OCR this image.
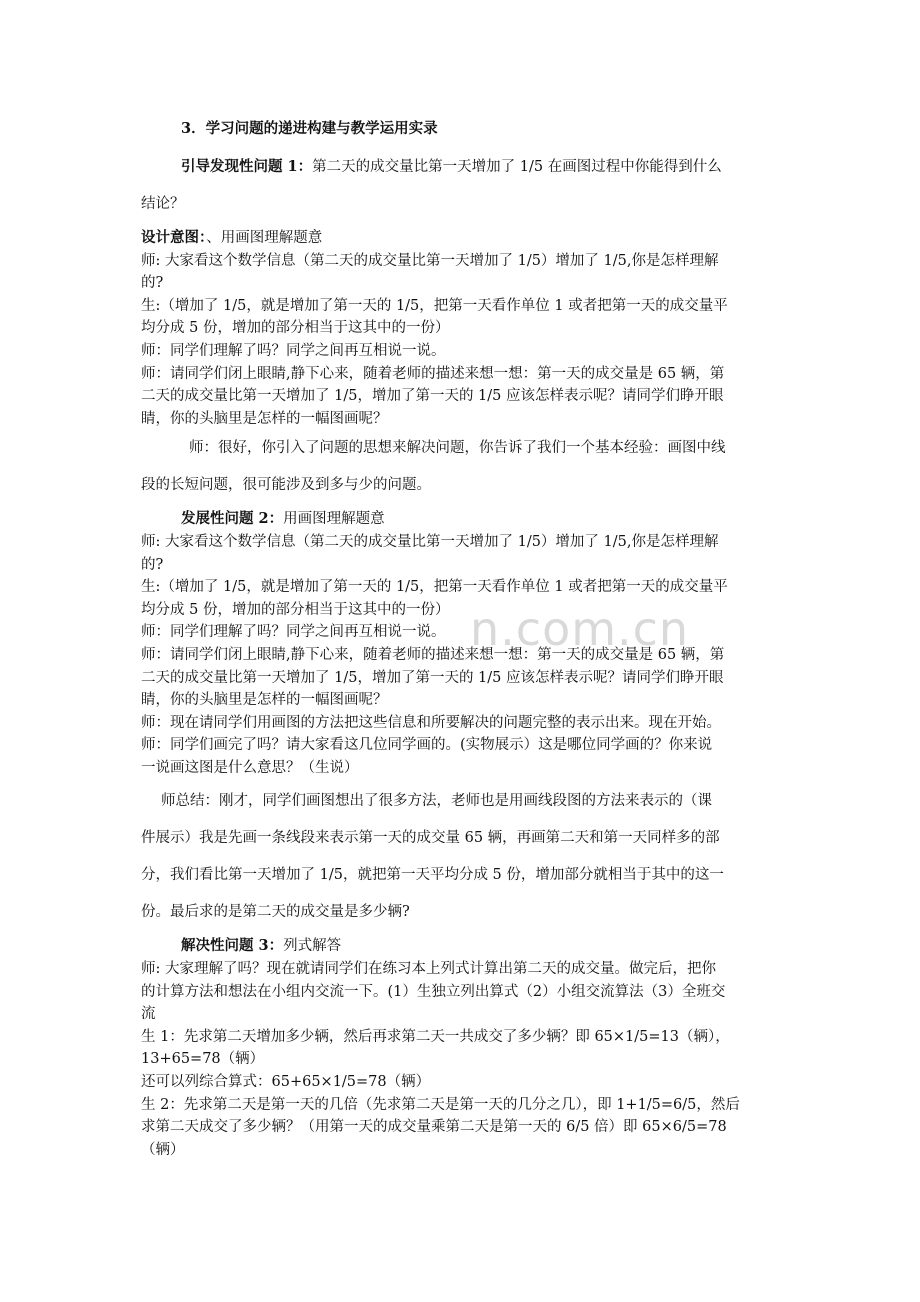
n.com.cn

3．学习问题的递进构建与教学运用实录

引导发现性问题 1：第二天的成交量比第一天增加了 1/5 在画图过程中你能得到什么

结论？

设计意图：、用画图理解题意

师: 大家看这个数学信息（第二天的成交量比第一天增加了 1/5）增加了 1/5,你是怎样理解

的?

生:（增加了 1/5，就是增加了第一天的 1/5，把第一天看作单位 1 或者把第一天的成交量平

均分成 5 份，增加的部分相当于这其中的一份）

师：同学们理解了吗？同学之间再互相说一说。

师：请同学们闭上眼睛,静下心来，随着老师的描述来想一想：第一天的成交量是 65 辆，第

二天的成交量比第一天增加了 1/5，增加了第一天的 1/5 应该怎样表示呢？请同学们睁开眼

睛，你的头脑里是怎样的一幅图画呢？

师：很好，你引入了问题的思想来解决问题，你告诉了我们一个基本经验：画图中线

段的长短问题，很可能涉及到多与少的问题。

发展性问题 2：用画图理解题意

师: 大家看这个数学信息（第二天的成交量比第一天增加了 1/5）增加了 1/5,你是怎样理解

的?

生:（增加了 1/5，就是增加了第一天的 1/5，把第一天看作单位 1 或者把第一天的成交量平

均分成 5 份，增加的部分相当于这其中的一份）

师：同学们理解了吗？同学之间再互相说一说。

师：请同学们闭上眼睛,静下心来，随着老师的描述来想一想：第一天的成交量是 65 辆，第

二天的成交量比第一天增加了 1/5，增加了第一天的 1/5 应该怎样表示呢？请同学们睁开眼

睛，你的头脑里是怎样的一幅图画呢？

师：现在请同学们用画图的方法把这些信息和所要解决的问题完整的表示出来。现在开始。

师：同学们画完了吗？请大家看这几位同学画的。(实物展示）这是哪位同学画的？你来说

一说画这图是什么意思？（生说）

师总结：刚才，同学们画图想出了很多方法，老师也是用画线段图的方法来表示的（课

件展示）我是先画一条线段来表示第一天的成交量 65 辆，再画第二天和第一天同样多的部

分，我们看比第一天增加了 1/5，就把第一天平均分成 5 份，增加部分就相当于其中的这一

份。最后求的是第二天的成交量是多少辆?

解决性问题 3：列式解答

师: 大家理解了吗？现在就请同学们在练习本上列式计算出第二天的成交量。做完后，把你

的计算方法和想法在小组内交流一下。(1）生独立列出算式（2）小组交流算法（3）全班交

流

生 1：先求第二天增加多少辆，然后再求第二天一共成交了多少辆？即 65×1/5=13（辆），

13+65=78（辆）

还可以列综合算式：65+65×1/5=78（辆）

生 2：先求第二天是第一天的几倍（先求第二天是第一天的几分之几），即 1+1/5=6/5，然后

求第二天成交了多少辆？（用第一天的成交量乘第二天是第一天的 6/5 倍）即 65×6/5=78

（辆）
